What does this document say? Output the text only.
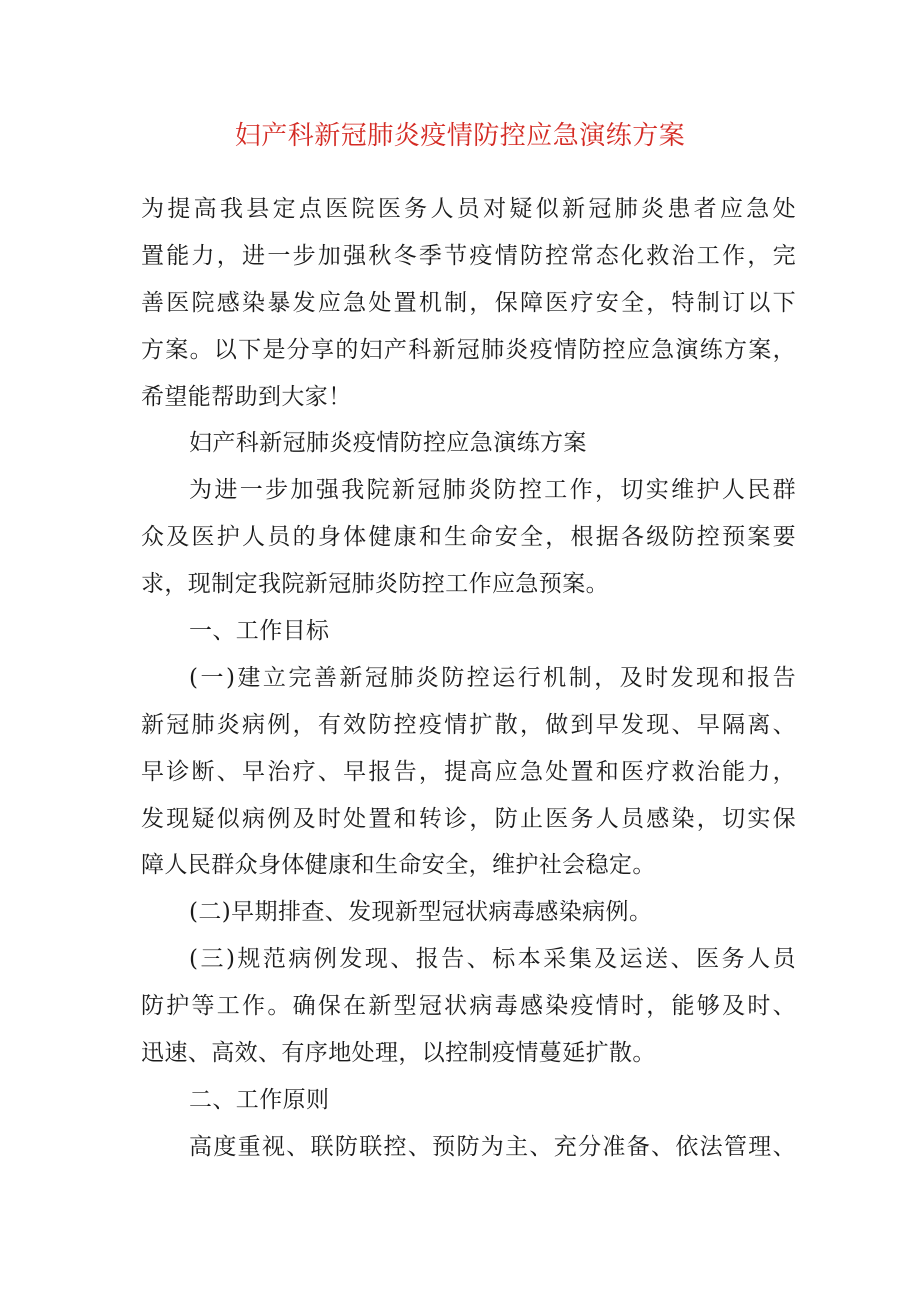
妇产科新冠肺炎疫情防控应急演练方案
为提高我县定点医院医务人员对疑似新冠肺炎患者应急处
置能力，进一步加强秋冬季节疫情防控常态化救治工作，完
善医院感染暴发应急处置机制，保障医疗安全，特制订以下
方案。以下是分享的妇产科新冠肺炎疫情防控应急演练方案，
希望能帮助到大家！
妇产科新冠肺炎疫情防控应急演练方案
为进一步加强我院新冠肺炎防控工作，切实维护人民群
众及医护人员的身体健康和生命安全，根据各级防控预案要
求，现制定我院新冠肺炎防控工作应急预案。
一、工作目标
(一)建立完善新冠肺炎防控运行机制，及时发现和报告
新冠肺炎病例，有效防控疫情扩散，做到早发现、早隔离、
早诊断、早治疗、早报告，提高应急处置和医疗救治能力，
发现疑似病例及时处置和转诊，防止医务人员感染，切实保
障人民群众身体健康和生命安全，维护社会稳定。
(二)早期排查、发现新型冠状病毒感染病例。
(三)规范病例发现、报告、标本采集及运送、医务人员
防护等工作。确保在新型冠状病毒感染疫情时，能够及时、
迅速、高效、有序地处理，以控制疫情蔓延扩散。
二、工作原则
高度重视、联防联控、预防为主、充分准备、依法管理、
